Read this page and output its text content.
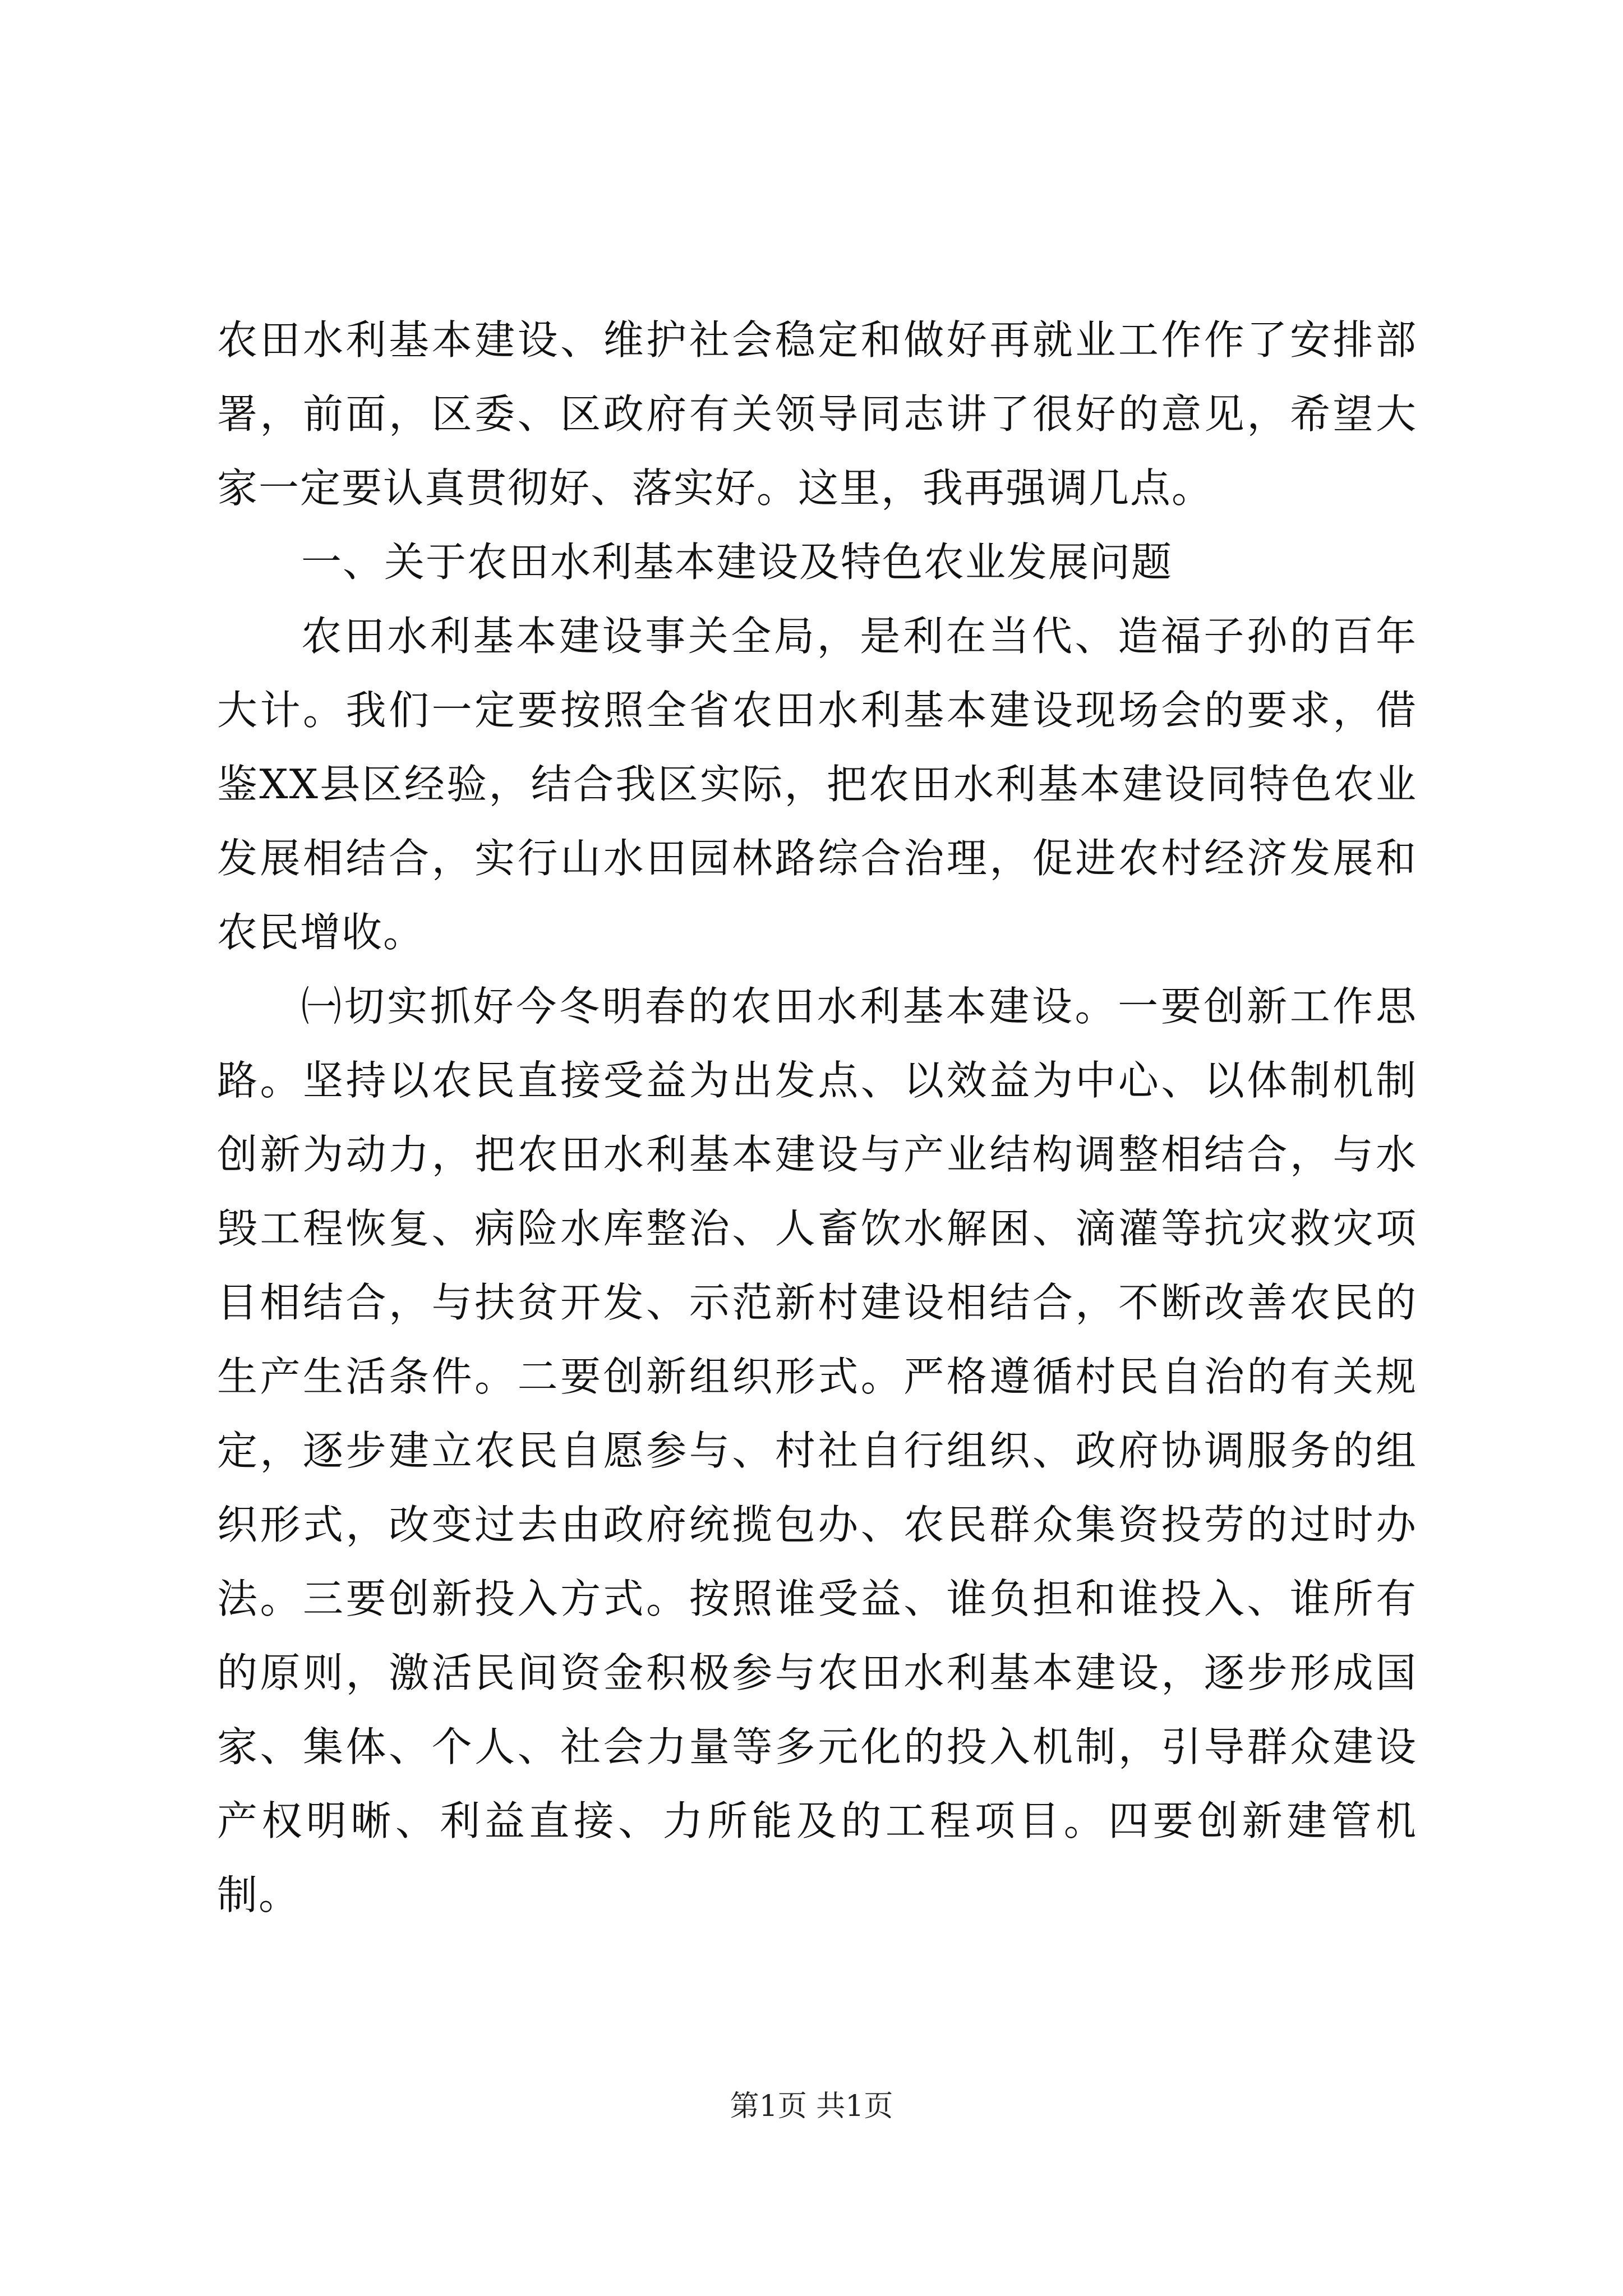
农田水利基本建设、维护社会稳定和做好再就业工作作了安排部署，前面，区委、区政府有关领导同志讲了很好的意见，希望大家一定要认真贯彻好、落实好。这里，我再强调几点。

一、关于农田水利基本建设及特色农业发展问题

农田水利基本建设事关全局，是利在当代、造福子孙的百年大计。我们一定要按照全省农田水利基本建设现场会的要求，借鉴XX县区经验，结合我区实际，把农田水利基本建设同特色农业发展相结合，实行山水田园林路综合治理，促进农村经济发展和农民增收。

㈠切实抓好今冬明春的农田水利基本建设。一要创新工作思路。坚持以农民直接受益为出发点、以效益为中心、以体制机制创新为动力，把农田水利基本建设与产业结构调整相结合，与水毁工程恢复、病险水库整治、人畜饮水解困、滴灌等抗灾救灾项目相结合，与扶贫开发、示范新村建设相结合，不断改善农民的生产生活条件。二要创新组织形式。严格遵循村民自治的有关规定，逐步建立农民自愿参与、村社自行组织、政府协调服务的组织形式，改变过去由政府统揽包办、农民群众集资投劳的过时办法。三要创新投入方式。按照谁受益、谁负担和谁投入、谁所有的原则，激活民间资金积极参与农田水利基本建设，逐步形成国家、集体、个人、社会力量等多元化的投入机制，引导群众建设产权明晰、利益直接、力所能及的工程项目。四要创新建管机制。

第1页 共1页
